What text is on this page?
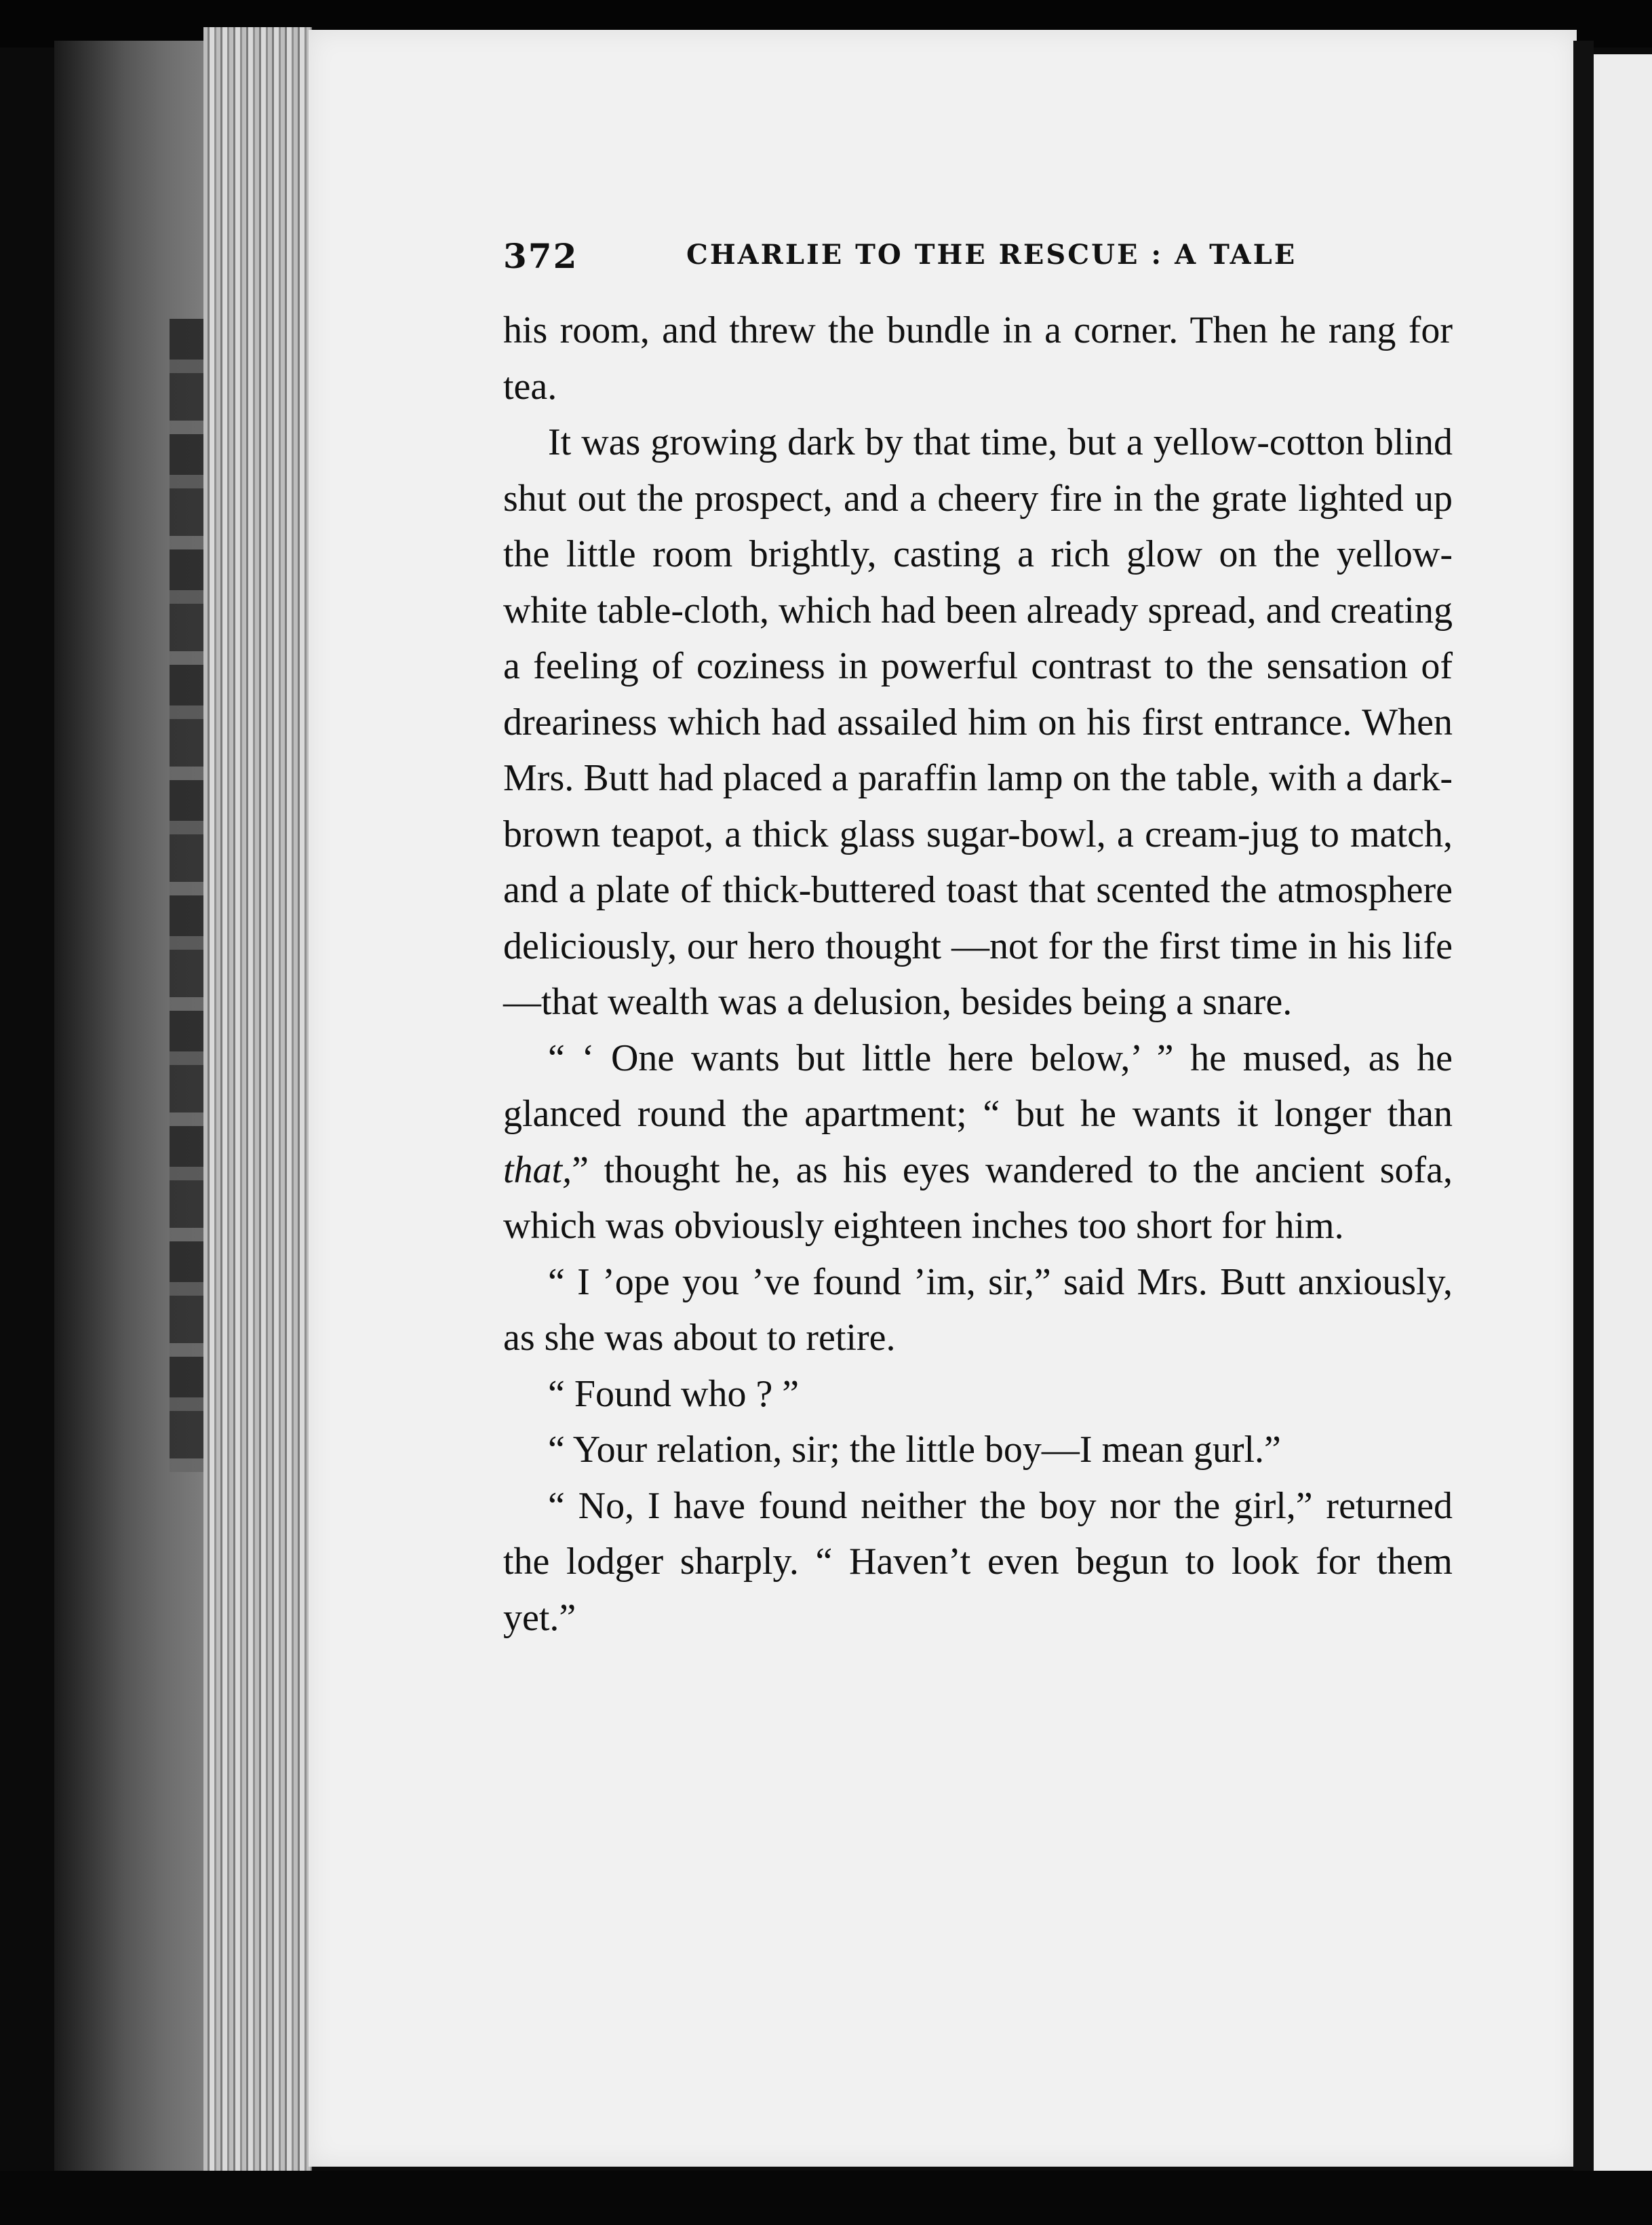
372	CHARLIE TO THE RESCUE : A TALE

his room, and threw the bundle in a corner. Then he rang for tea.

It was growing dark by that time, but a yellow-cotton blind shut out the prospect, and a cheery fire in the grate lighted up the little room brightly, casting a rich glow on the yellow-white table-cloth, which had been already spread, and creating a feeling of coziness in powerful contrast to the sensation of dreariness which had assailed him on his first entrance. When Mrs. Butt had placed a paraffin lamp on the table, with a dark-brown teapot, a thick glass sugar-bowl, a cream-jug to match, and a plate of thick-buttered toast that scented the atmosphere deliciously, our hero thought —not for the first time in his life—that wealth was a delusion, besides being a snare.

“ ‘ One wants but little here below,’ ” he mused, as he glanced round the apartment; “ but he wants it longer than that,” thought he, as his eyes wandered to the ancient sofa, which was obviously eighteen inches too short for him.

“ I ’ope you ’ve found ’im, sir,” said Mrs. Butt anxiously, as she was about to retire.

“ Found who ? ”

“ Your relation, sir; the little boy—I mean gurl.”

“ No, I have found neither the boy nor the girl,” returned the lodger sharply. “ Haven’t even begun to look for them yet.”
